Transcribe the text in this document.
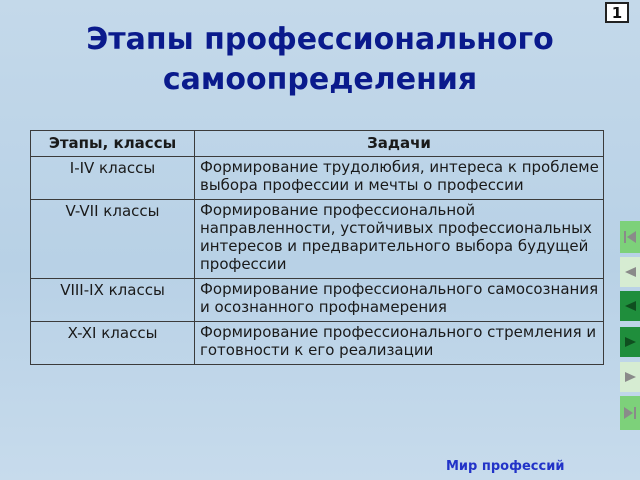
1
Этапы профессионального
самоопределения
Этапы, классы	Задачи
I-IV классы	Формирование трудолюбия, интереса к проблеме выбора профессии и мечты о профессии
V-VII классы	Формирование профессиональной направленности, устойчивых профессиональных интересов и предварительного выбора будущей профессии
VIII-IX классы	Формирование профессионального самосознания и осознанного профнамерения
X-XI классы	Формирование профессионального стремления и готовности к его реализации
Мир профессий
